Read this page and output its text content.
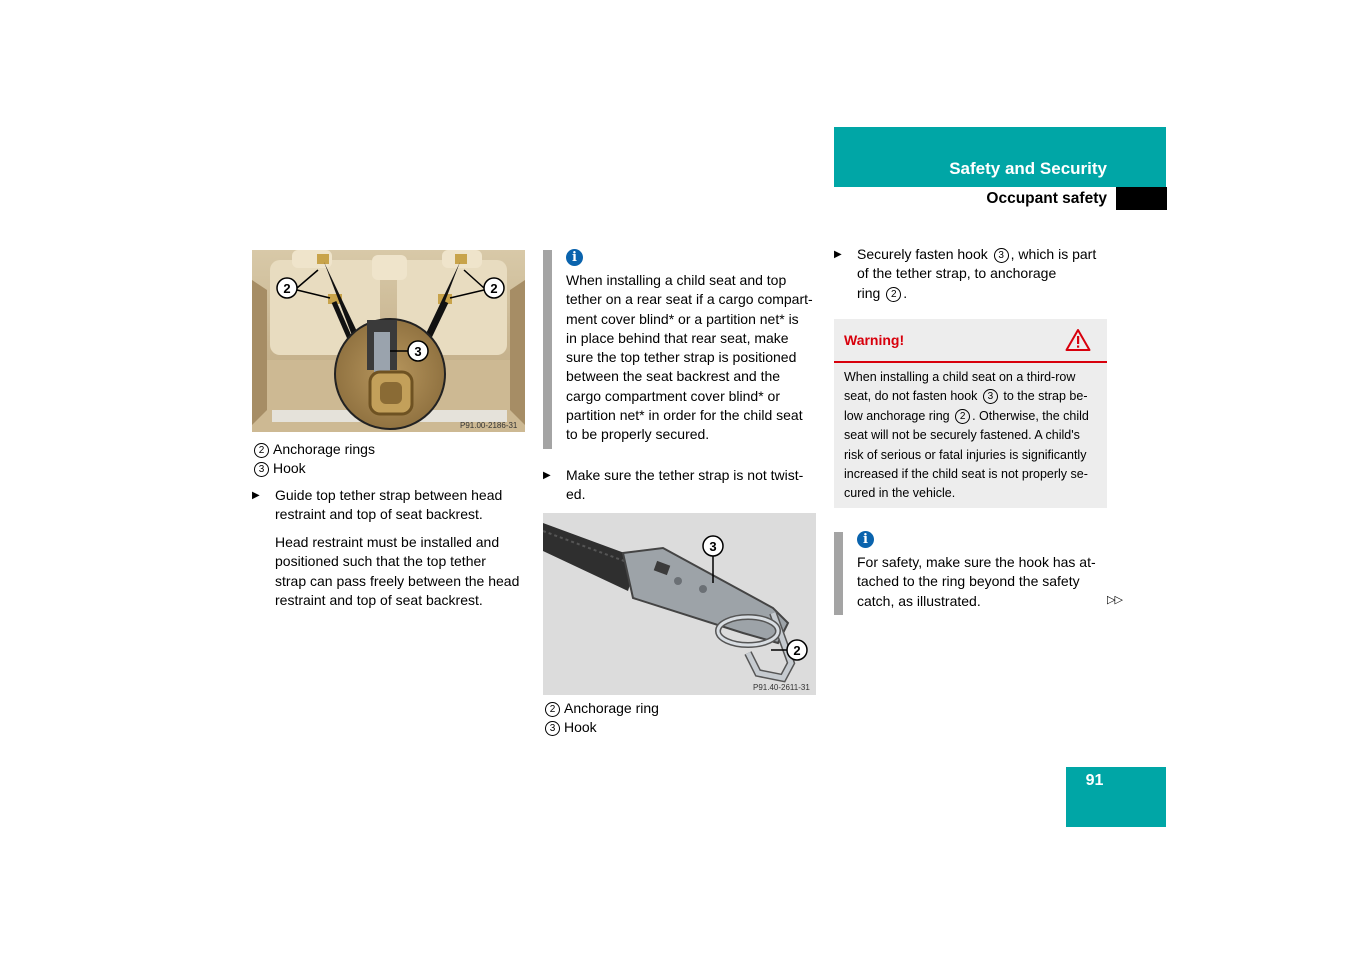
Safety and Security
Occupant safety
2	2
3
P91.00-2186-31
2 Anchorage rings
3 Hook
▶ Guide top tether strap between head
restraint and top of seat backrest.
Head restraint must be installed and
positioned such that the top tether
strap can pass freely between the head
restraint and top of seat backrest.
i
When installing a child seat and top
tether on a rear seat if a cargo compart-
ment cover blind* or a partition net* is
in place behind that rear seat, make
sure the top tether strap is positioned
between the seat backrest and the
cargo compartment cover blind* or
partition net* in order for the child seat
to be properly secured.
▶ Make sure the tether strap is not twist-
ed.
3
2
P91.40-2611-31
2 Anchorage ring
3 Hook
▶ Securely fasten hook 3 , which is part
of the tether strap, to anchorage
ring 2 .
Warning!
When installing a child seat on a third-row
seat, do not fasten hook 3 to the strap be-
low anchorage ring 2 . Otherwise, the child
seat will not be securely fastened. A child's
risk of serious or fatal injuries is significantly
increased if the child seat is not properly se-
cured in the vehicle.
i
For safety, make sure the hook has at-
tached to the ring beyond the safety
catch, as illustrated.	▷▷
91
